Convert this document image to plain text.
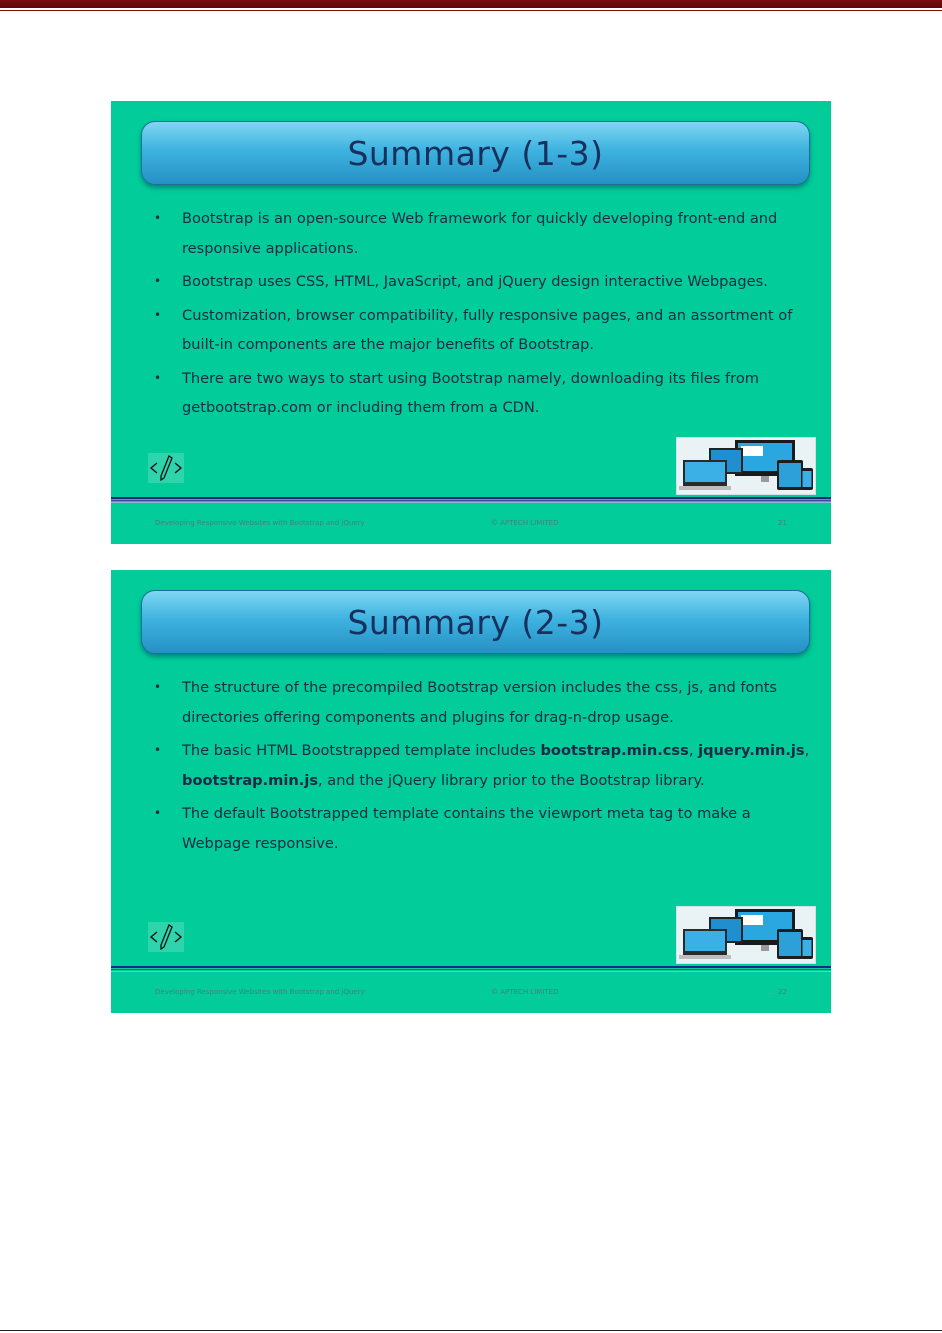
Summary (1-3)
• Bootstrap is an open-source Web framework for quickly developing front-end and responsive applications.
• Bootstrap uses CSS, HTML, JavaScript, and jQuery design interactive Webpages.
• Customization, browser compatibility, fully responsive pages, and an assortment of built-in components are the major benefits of Bootstrap.
• There are two ways to start using Bootstrap namely, downloading its files from getbootstrap.com or including them from a CDN.
Developing Responsive Websites with Bootstrap and jQuery	© APTECH LIMITED	21
Summary (2-3)
• The structure of the precompiled Bootstrap version includes the css, js, and fonts directories offering components and plugins for drag-n-drop usage.
• The basic HTML Bootstrapped template includes bootstrap.min.css, jquery.min.js, bootstrap.min.js, and the jQuery library prior to the Bootstrap library.
• The default Bootstrapped template contains the viewport meta tag to make a Webpage responsive.
Developing Responsive Websites with Bootstrap and jQuery	© APTECH LIMITED	22
